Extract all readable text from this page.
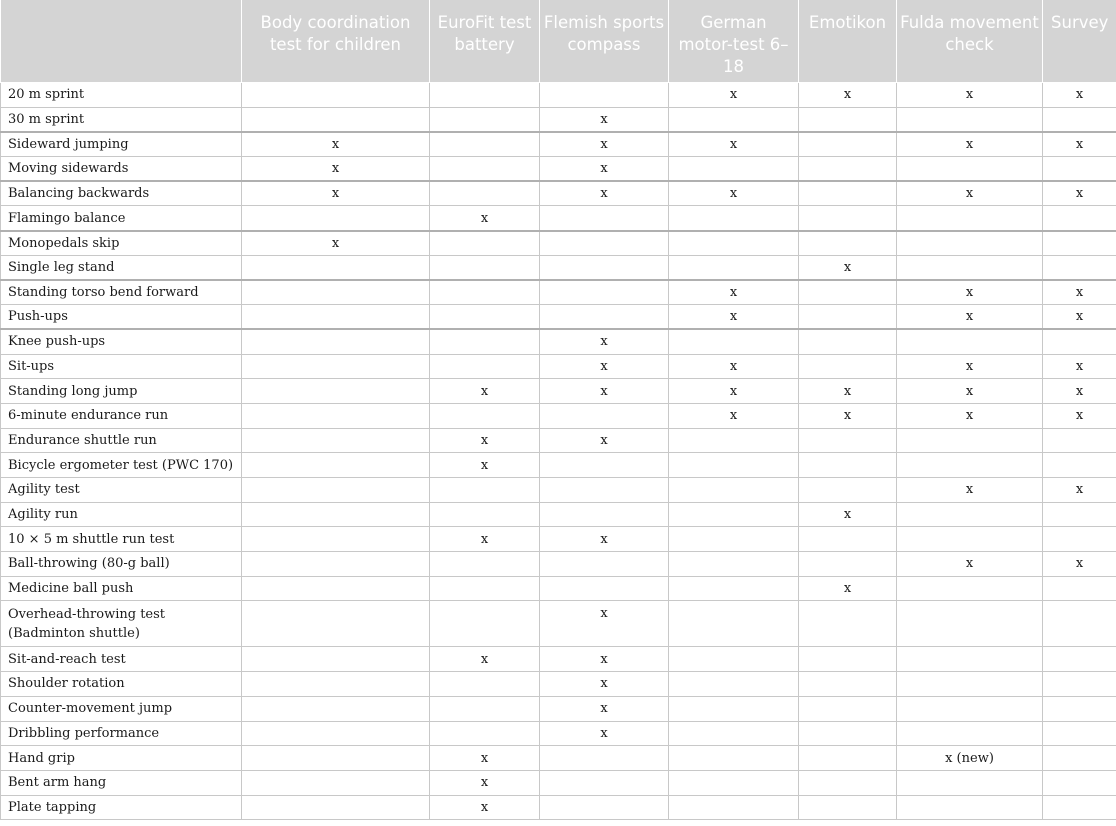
	Body coordination test for children	EuroFit test battery	Flemish sports compass	German motor-test 6–18	Emotikon	Fulda movement check	Survey
20 m sprint				x	x	x	x
30 m sprint			x				
Sideward jumping	x		x	x		x	x
Moving sidewards	x		x				
Balancing backwards	x		x	x		x	x
Flamingo balance		x					
Monopedals skip	x						
Single leg stand					x		
Standing torso bend forward				x		x	x
Push-ups				x		x	x
Knee push-ups			x				
Sit-ups			x	x		x	x
Standing long jump		x	x	x	x	x	x
6-minute endurance run				x	x	x	x
Endurance shuttle run		x	x				
Bicycle ergometer test (PWC 170)		x					
Agility test						x	x
Agility run					x		
10 × 5 m shuttle run test		x	x				
Ball-throwing (80-g ball)						x	x
Medicine ball push					x		
Overhead-throwing test (Badminton shuttle)			x				
Sit-and-reach test		x	x				
Shoulder rotation			x				
Counter-movement jump			x				
Dribbling performance			x				
Hand grip		x				x (new)	
Bent arm hang		x					
Plate tapping		x					
